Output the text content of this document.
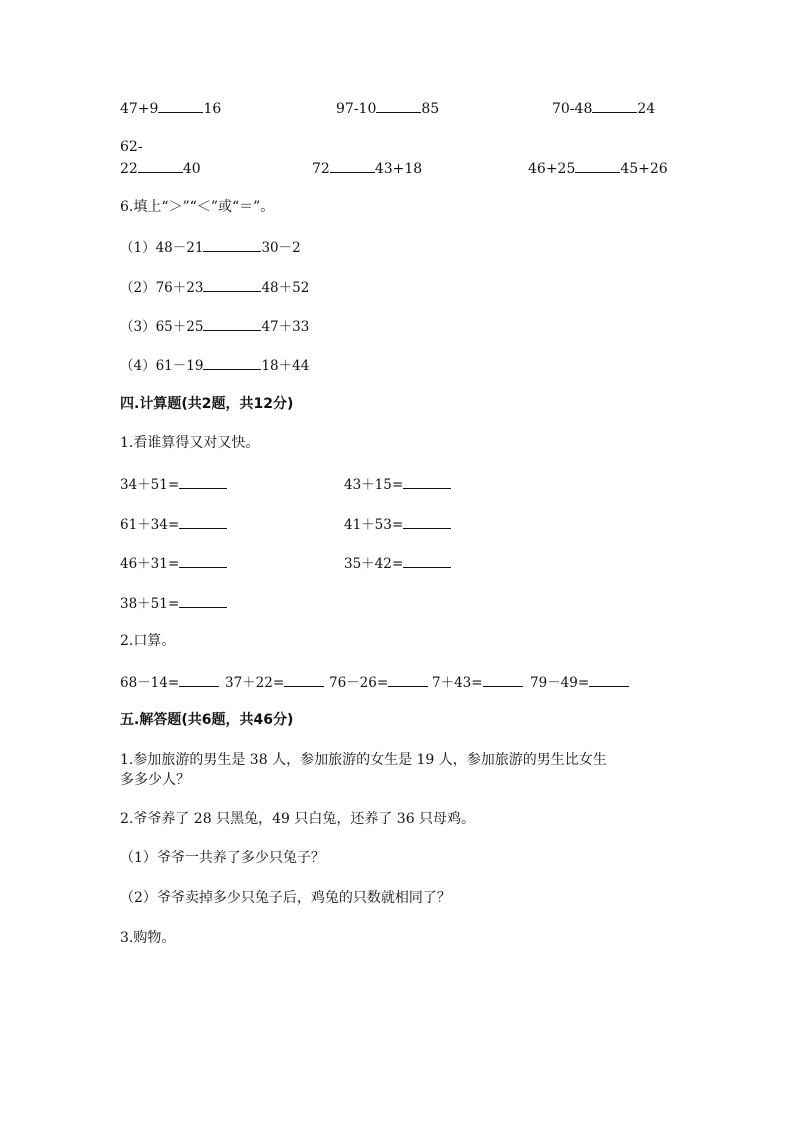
47+9	16	97-10	85	70-48	24
62-
22	40	72	43+18	46+25	45+26
6.填上“＞”“＜”或“＝”。
（1）48－21	30－2
（2）76＋23	48＋52
（3）65＋25	47＋33
（4）61－19	18＋44
四.计算题(共2题，共12分)
1.看谁算得又对又快。
34＋51=	43＋15=
61＋34=	41＋53=
46＋31=	35＋42=
38＋51=
2.口算。
68－14=	37＋22=	76－26=	7＋43=	79－49=
五.解答题(共6题，共46分)
1.参加旅游的男生是 38 人，参加旅游的女生是 19 人，参加旅游的男生比女生
多多少人？
2.爷爷养了 28 只黑兔，49 只白兔，还养了 36 只母鸡。
（1）爷爷一共养了多少只兔子？
（2）爷爷卖掉多少只兔子后，鸡兔的只数就相同了？
3.购物。
